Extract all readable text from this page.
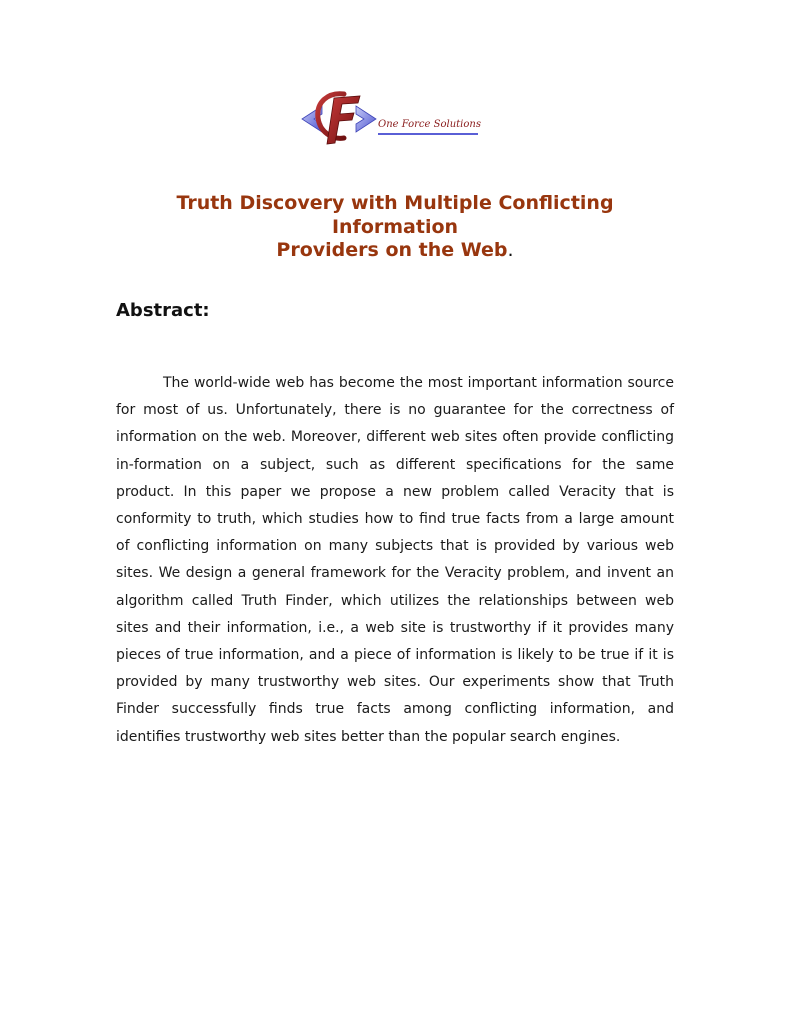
One Force Solutions
Truth Discovery with Multiple Conflicting
Information
Providers on the Web.
Abstract:

The world-wide web has become the most important information source for most of us. Unfortunately, there is no guarantee for the correctness of information on the web. Moreover, different web sites often provide conflicting in-formation on a subject, such as different specifications for the same product. In this paper we propose a new problem called Veracity that is conformity to truth, which studies how to find true facts from a large amount of conflicting information on many subjects that is provided by various web sites. We design a general framework for the Veracity problem, and invent an algorithm called Truth Finder, which utilizes the relationships between web sites and their information, i.e., a web site is trustworthy if it provides many pieces of true information, and a piece of information is likely to be true if it is provided by many trustworthy web sites. Our experiments show that Truth Finder successfully finds true facts among conflicting information, and identifies trustworthy web sites better than the popular search engines.
